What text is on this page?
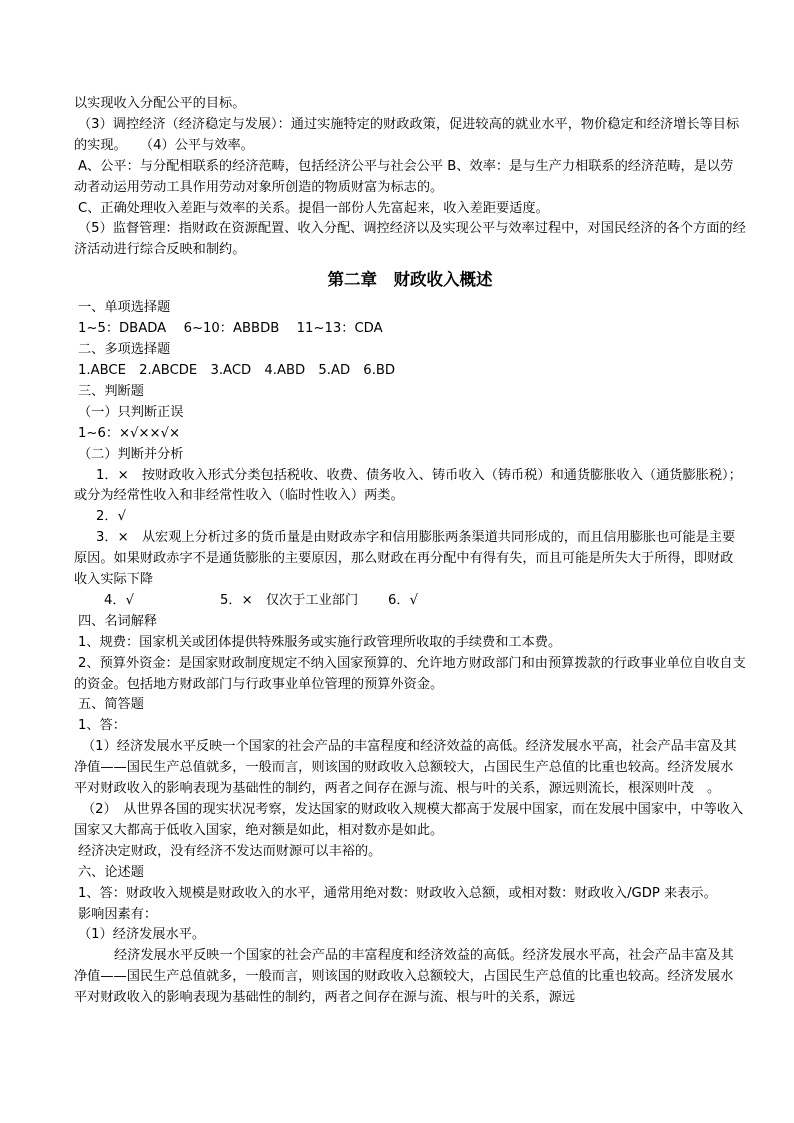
以实现收入分配公平的目标。

（3）调控经济（经济稳定与发展）：通过实施特定的财政政策，促进较高的就业水平，物价稳定和经济增长等目标的实现。　　（4）公平与效率。

A、公平：与分配相联系的经济范畴，包括经济公平与社会公平 B、效率：是与生产力相联系的经济范畴，是以劳动者动运用劳动工具作用劳动对象所创造的物质财富为标志的。

C、正确处理收入差距与效率的关系。提倡一部份人先富起来，收入差距要适度。

（5）监督管理：指财政在资源配置、收入分配、调控经济以及实现公平与效率过程中，对国民经济的各个方面的经济活动进行综合反映和制约。

第二章　财政收入概述

一、单项选择题

1~5：DBADA　 6~10：ABBDB　 11~13：CDA

二、多项选择题

1.ABCE　2.ABCDE　3.ACD　4.ABD　5.AD　6.BD

三、判断题

（一）只判断正误

1~6：×√××√×

（二）判断并分析

1．×　按财政收入形式分类包括税收、收费、债务收入、铸币收入（铸币税）和通货膨胀收入（通货膨胀税）；或分为经常性收入和非经常性收入（临时性收入）两类。

2．√

3．×　从宏观上分析过多的货币量是由财政赤字和信用膨胀两条渠道共同形成的，而且信用膨胀也可能是主要原因。如果财政赤字不是通货膨胀的主要原因，那么财政在再分配中有得有失，而且可能是所失大于所得，即财政收入实际下降

4．√	5．×　仅次于工业部门	6．√

四、名词解释

1、规费：国家机关或团体提供特殊服务或实施行政管理所收取的手续费和工本费。

2、预算外资金：是国家财政制度规定不纳入国家预算的、允许地方财政部门和由预算拨款的行政事业单位自收自支的资金。包括地方财政部门与行政事业单位管理的预算外资金。

五、简答题

1、答：

（1）经济发展水平反映一个国家的社会产品的丰富程度和经济效益的高低。经济发展水平高，社会产品丰富及其净值——国民生产总值就多，一般而言，则该国的财政收入总额较大，占国民生产总值的比重也较高。经济发展水平对财政收入的影响表现为基础性的制约，两者之间存在源与流、根与叶的关系，源远则流长，根深则叶茂　。

（2）　从世界各国的现实状况考察，发达国家的财政收入规模大都高于发展中国家，而在发展中国家中，中等收入国家又大都高于低收入国家，绝对额是如此，相对数亦是如此。

经济决定财政，没有经济不发达而财源可以丰裕的。

六、论述题

1、答：财政收入规模是财政收入的水平，通常用绝对数：财政收入总额，或相对数：财政收入/GDP 来表示。

影响因素有：

（1）经济发展水平。

经济发展水平反映一个国家的社会产品的丰富程度和经济效益的高低。经济发展水平高，社会产品丰富及其净值——国民生产总值就多，一般而言，则该国的财政收入总额较大，占国民生产总值的比重也较高。经济发展水平对财政收入的影响表现为基础性的制约，两者之间存在源与流、根与叶的关系，源远
